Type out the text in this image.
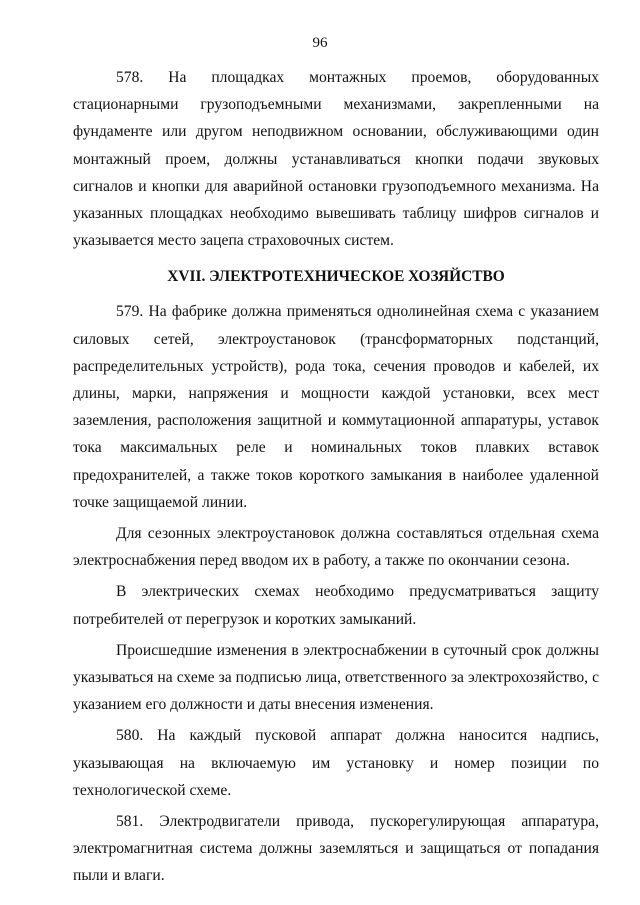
96

578. На площадках монтажных проемов, оборудованных стационарными грузоподъемными механизмами, закрепленными на фундаменте или другом неподвижном основании, обслуживающими один монтажный проем, должны устанавливаться кнопки подачи звуковых сигналов и кнопки для аварийной остановки грузоподъемного механизма. На указанных площадках необходимо вывешивать таблицу шифров сигналов и указывается место зацепа страховочных систем.

XVII. ЭЛЕКТРОТЕХНИЧЕСКОЕ ХОЗЯЙСТВО

579. На фабрике должна применяться однолинейная схема с указанием силовых сетей, электроустановок (трансформаторных подстанций, распределительных устройств), рода тока, сечения проводов и кабелей, их длины, марки, напряжения и мощности каждой установки, всех мест заземления, расположения защитной и коммутационной аппаратуры, уставок тока максимальных реле и номинальных токов плавких вставок предохранителей, а также токов короткого замыкания в наиболее удаленной точке защищаемой линии.

Для сезонных электроустановок должна составляться отдельная схема электроснабжения перед вводом их в работу, а также по окончании сезона.

В электрических схемах необходимо предусматриваться защиту потребителей от перегрузок и коротких замыканий.

Происшедшие изменения в электроснабжении в суточный срок должны указываться на схеме за подписью лица, ответственного за электрохозяйство, с указанием его должности и даты внесения изменения.

580. На каждый пусковой аппарат должна наносится надпись, указывающая на включаемую им установку и номер позиции по технологической схеме.

581. Электродвигатели привода, пускорегулирующая аппаратура, электромагнитная система должны заземляться и защищаться от попадания пыли и влаги.
